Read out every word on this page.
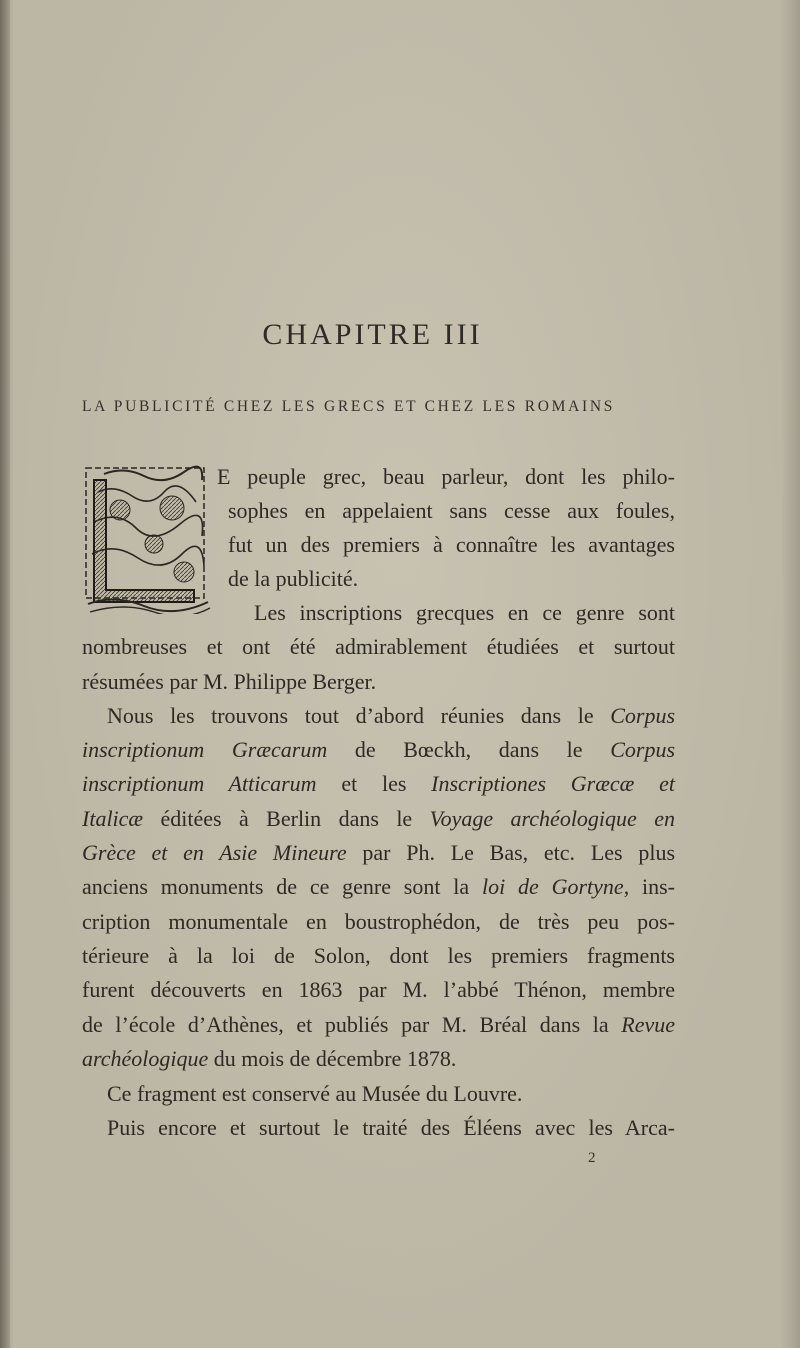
CHAPITRE III
LA PUBLICITÉ CHEZ LES GRECS ET CHEZ LES ROMAINS
E peuple grec, beau parleur, dont les philo-
sophes en appelaient sans cesse aux foules,
fut un des premiers à connaître les avantages
de la publicité.
Les inscriptions grecques en ce genre sont
nombreuses et ont été admirablement étudiées et surtout
résumées par M. Philippe Berger.
Nous les trouvons tout d’abord réunies dans le Corpus
inscriptionum Græcarum de Bœckh, dans le Corpus
inscriptionum Atticarum et les Inscriptiones Græcæ et
Italicæ éditées à Berlin dans le Voyage archéologique en
Grèce et en Asie Mineure par Ph. Le Bas, etc. Les plus
anciens monuments de ce genre sont la loi de Gortyne, ins-
cription monumentale en boustrophédon, de très peu pos-
térieure à la loi de Solon, dont les premiers fragments
furent découverts en 1863 par M. l’abbé Thénon, membre
de l’école d’Athènes, et publiés par M. Bréal dans la Revue
archéologique du mois de décembre 1878.
Ce fragment est conservé au Musée du Louvre.
Puis encore et surtout le traité des Éléens avec les Arca-
2
